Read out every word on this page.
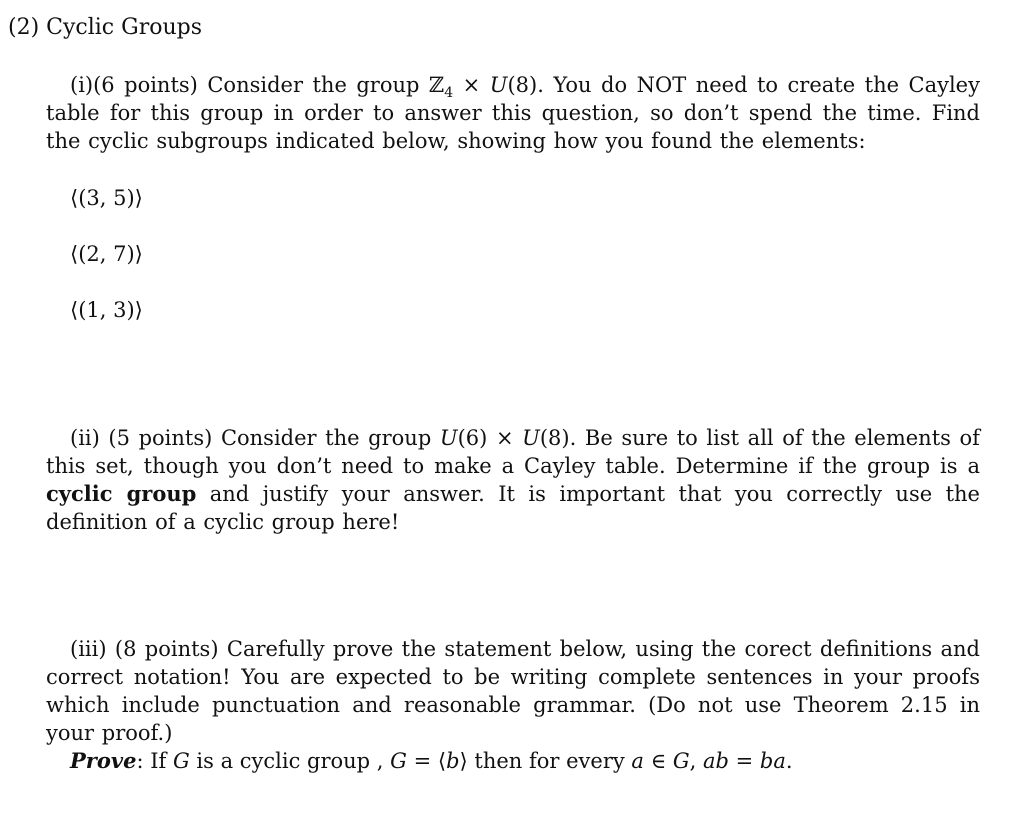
(2) Cyclic Groups
(i)(6 points) Consider the group ℤ$_4$ × U(8). You do NOT need to create the Cayley table for this group in order to answer this question, so don’t spend the time. Find the cyclic subgroups indicated below, showing how you found the elements:
⟨(3, 5)⟩
⟨(2, 7)⟩
⟨(1, 3)⟩
(ii) (5 points) Consider the group U(6) × U(8). Be sure to list all of the elements of this set, though you don’t need to make a Cayley table. Determine if the group is a cyclic group and justify your answer. It is important that you correctly use the definition of a cyclic group here!
(iii) (8 points) Carefully prove the statement below, using the corect definitions and correct notation! You are expected to be writing complete sentences in your proofs which include punctuation and reasonable grammar. (Do not use Theorem 2.15 in your proof.)
Prove: If G is a cyclic group , G = ⟨b⟩ then for every a ∈ G, ab = ba.
